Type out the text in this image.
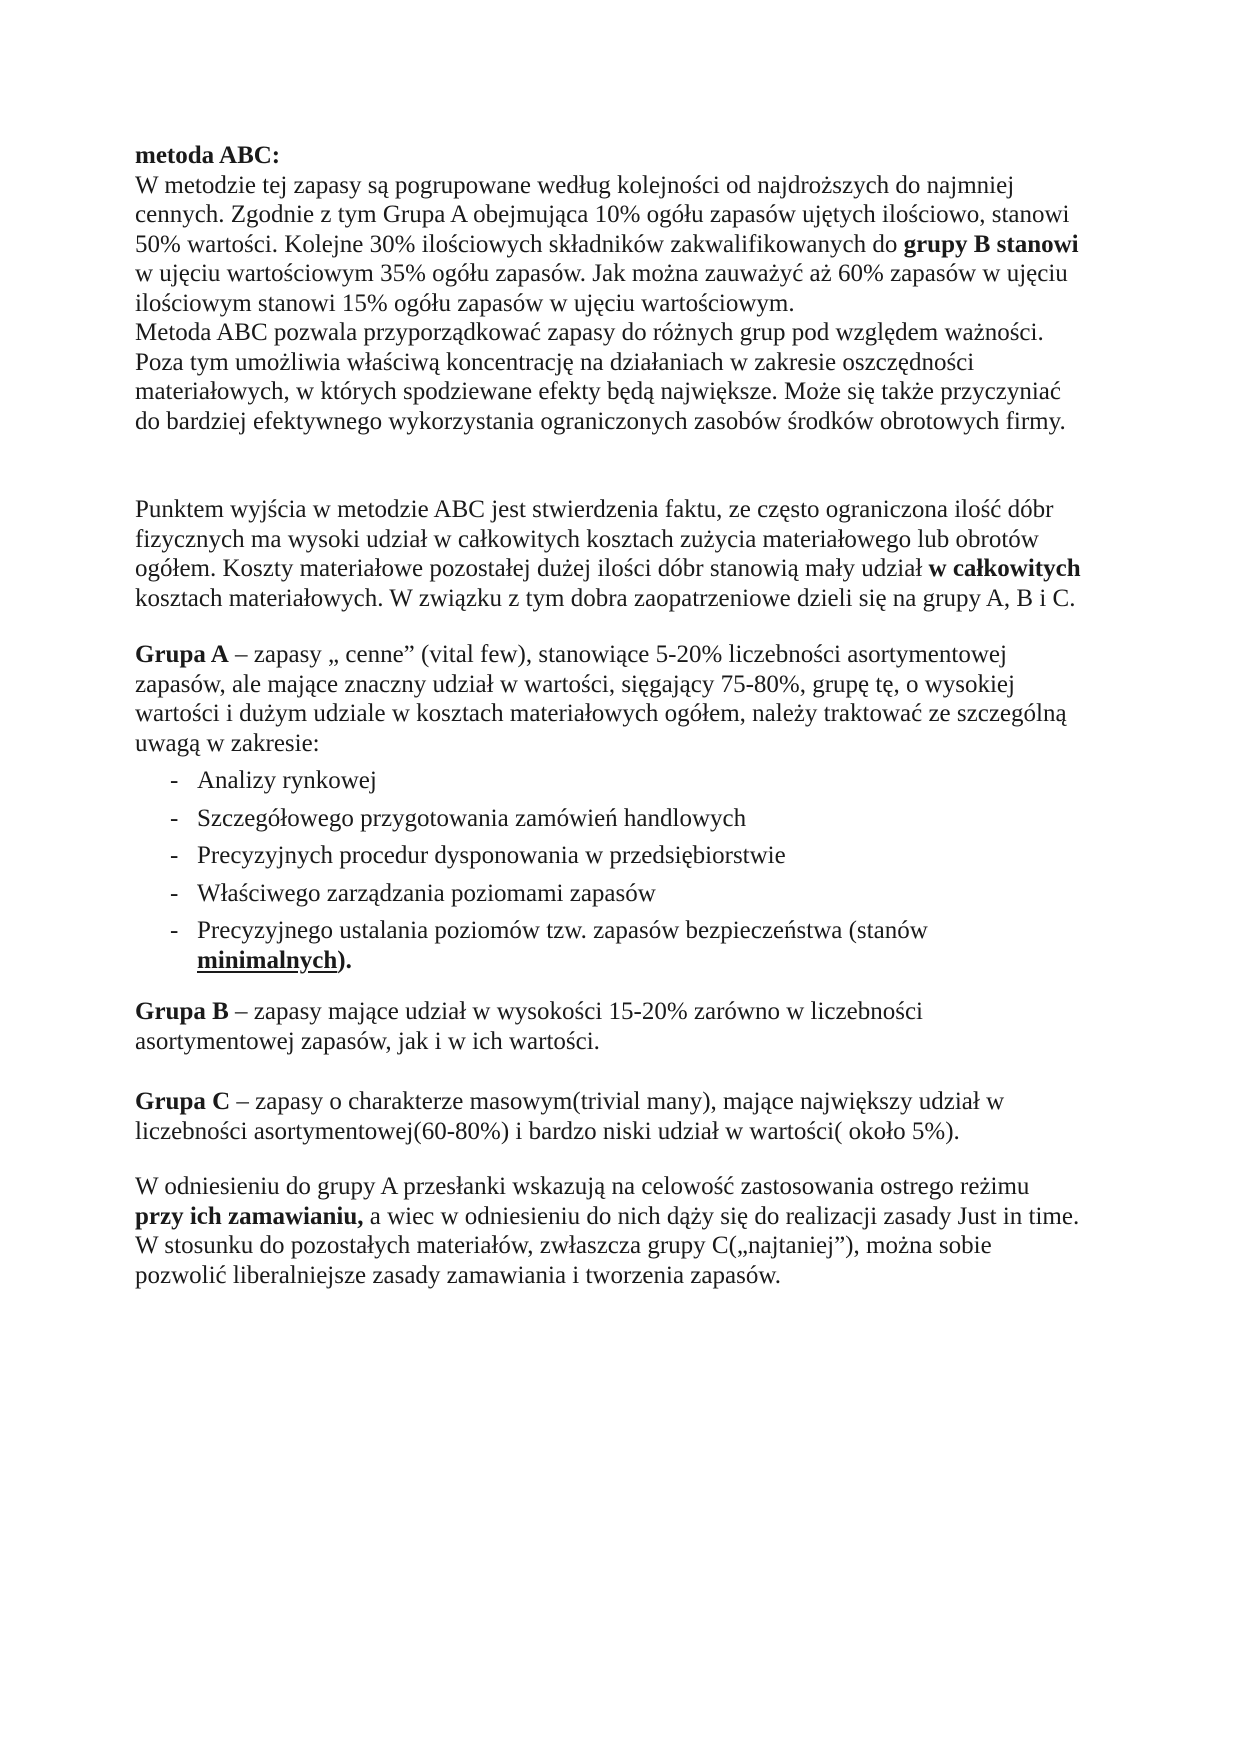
metoda ABC:
W metodzie tej zapasy są pogrupowane według kolejności od najdroższych do najmniej
cennych. Zgodnie z tym Grupa A obejmująca 10% ogółu zapasów ujętych ilościowo, stanowi
50% wartości. Kolejne 30% ilościowych składników zakwalifikowanych do grupy B stanowi
w ujęciu wartościowym 35% ogółu zapasów. Jak można zauważyć aż 60% zapasów w ujęciu
ilościowym stanowi 15% ogółu zapasów w ujęciu wartościowym.
Metoda ABC pozwala przyporządkować zapasy do różnych grup pod względem ważności.
Poza tym umożliwia właściwą koncentrację na działaniach w zakresie oszczędności
materiałowych, w których spodziewane efekty będą największe. Może się także przyczyniać
do bardziej efektywnego wykorzystania ograniczonych zasobów środków obrotowych firmy.
Punktem wyjścia w metodzie ABC jest stwierdzenia faktu, ze często ograniczona ilość dóbr
fizycznych ma wysoki udział w całkowitych kosztach zużycia materiałowego lub obrotów
ogółem. Koszty materiałowe pozostałej dużej ilości dóbr stanowią mały udział w całkowitych
kosztach materiałowych. W związku z tym dobra zaopatrzeniowe dzieli się na grupy A, B i C.
Grupa A – zapasy „ cenne” (vital few), stanowiące 5-20% liczebności asortymentowej
zapasów, ale mające znaczny udział w wartości, sięgający 75-80%, grupę tę, o wysokiej
wartości i dużym udziale w kosztach materiałowych ogółem, należy traktować ze szczególną
uwagą w zakresie:
- Analizy rynkowej
- Szczegółowego przygotowania zamówień handlowych
- Precyzyjnych procedur dysponowania w przedsiębiorstwie
- Właściwego zarządzania poziomami zapasów
- Precyzyjnego ustalania poziomów tzw. zapasów bezpieczeństwa (stanów
minimalnych).
Grupa B – zapasy mające udział w wysokości 15-20% zarówno w liczebności
asortymentowej zapasów, jak i w ich wartości.
Grupa C – zapasy o charakterze masowym(trivial many), mające największy udział w
liczebności asortymentowej(60-80%) i bardzo niski udział w wartości( około 5%).
W odniesieniu do grupy A przesłanki wskazują na celowość zastosowania ostrego reżimu
przy ich zamawianiu, a wiec w odniesieniu do nich dąży się do realizacji zasady Just in time.
W stosunku do pozostałych materiałów, zwłaszcza grupy C(„najtaniej”), można sobie
pozwolić liberalniejsze zasady zamawiania i tworzenia zapasów.
